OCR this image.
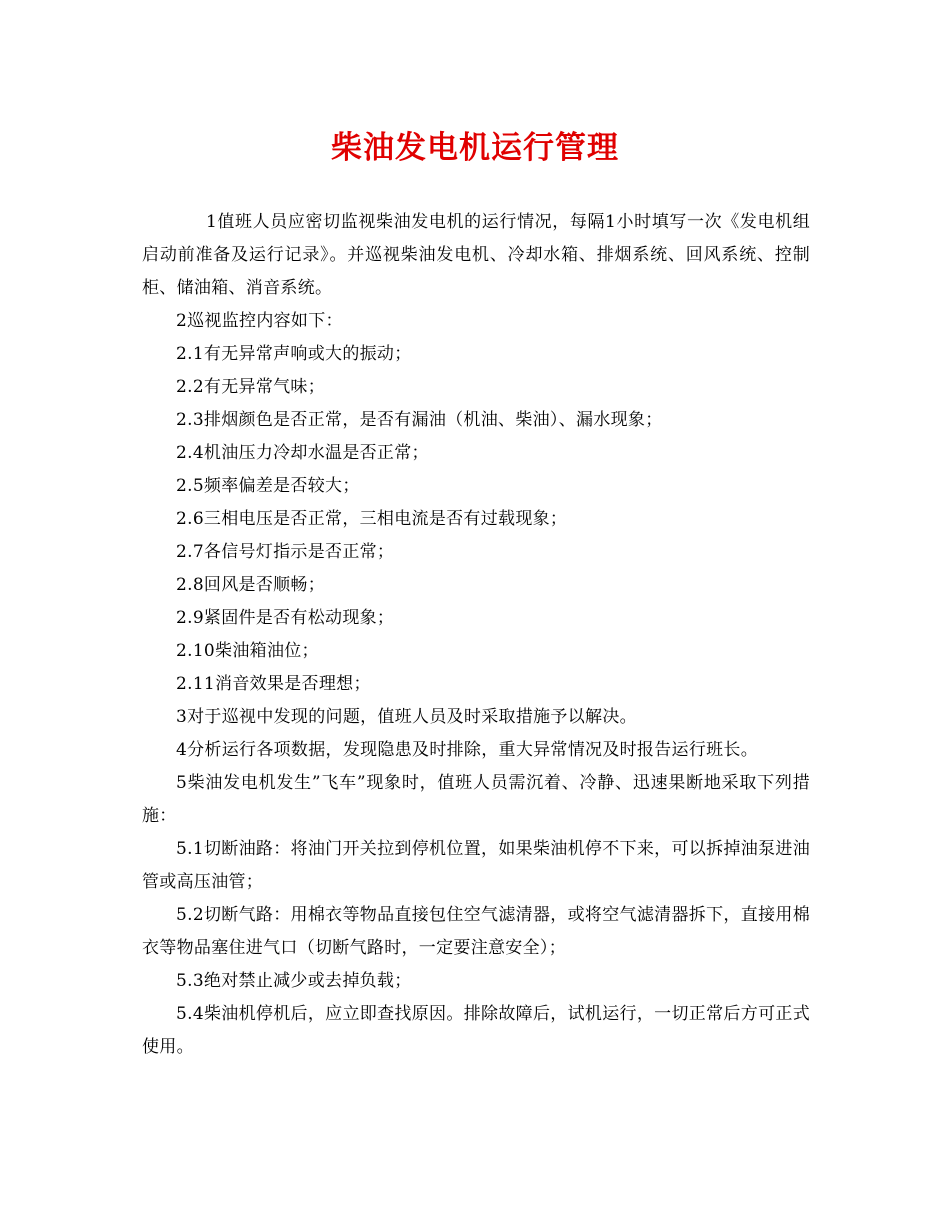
柴油发电机运行管理

1值班人员应密切监视柴油发电机的运行情况，每隔1小时填写一次《发电机组启动前准备及运行记录》。并巡视柴油发电机、冷却水箱、排烟系统、回风系统、控制柜、储油箱、消音系统。

2巡视监控内容如下：

2.1有无异常声响或大的振动；

2.2有无异常气味；

2.3排烟颜色是否正常，是否有漏油（机油、柴油）、漏水现象；

2.4机油压力冷却水温是否正常；

2.5频率偏差是否较大；

2.6三相电压是否正常，三相电流是否有过载现象；

2.7各信号灯指示是否正常；

2.8回风是否顺畅；

2.9紧固件是否有松动现象；

2.10柴油箱油位；

2.11消音效果是否理想；

3对于巡视中发现的问题，值班人员及时采取措施予以解决。

4分析运行各项数据，发现隐患及时排除，重大异常情况及时报告运行班长。

5柴油发电机发生”飞车”现象时，值班人员需沉着、冷静、迅速果断地采取下列措施：

5.1切断油路：将油门开关拉到停机位置，如果柴油机停不下来，可以拆掉油泵进油管或高压油管；

5.2切断气路：用棉衣等物品直接包住空气滤清器，或将空气滤清器拆下，直接用棉衣等物品塞住进气口（切断气路时，一定要注意安全）；

5.3绝对禁止减少或去掉负载；

5.4柴油机停机后，应立即查找原因。排除故障后，试机运行，一切正常后方可正式使用。
